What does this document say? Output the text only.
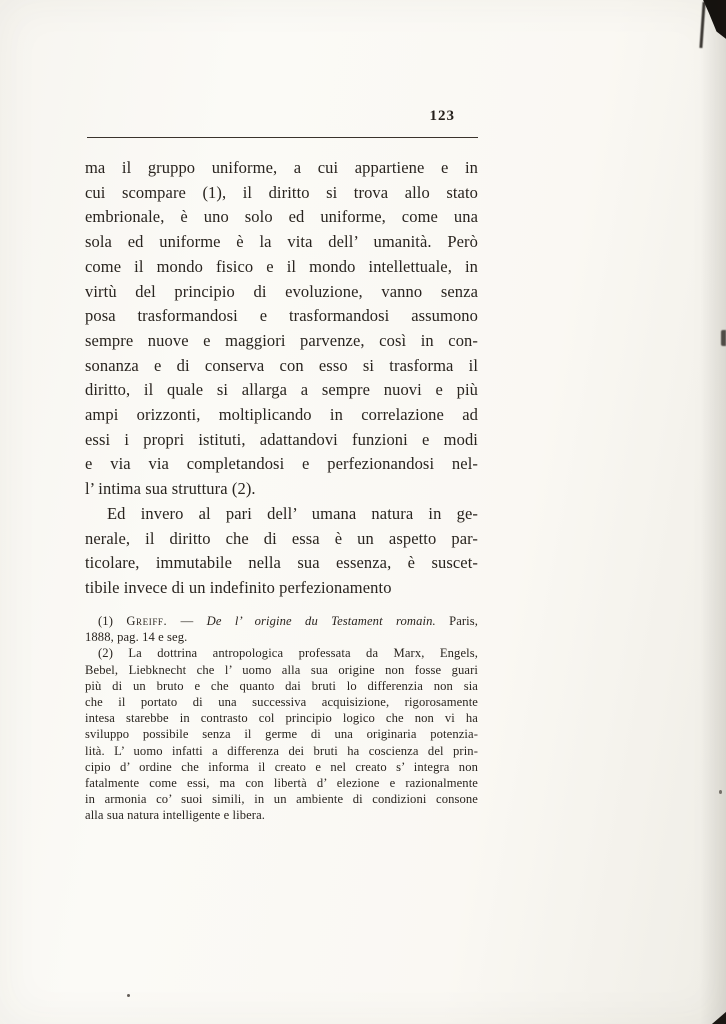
123
ma il gruppo uniforme, a cui appartiene e in
cui scompare (1), il diritto si trova allo stato
embrionale, è uno solo ed uniforme, come una
sola ed uniforme è la vita dell’ umanità. Però
come il mondo fisico e il mondo intellettuale, in
virtù del principio di evoluzione, vanno senza
posa trasformandosi e trasformandosi assumono
sempre nuove e maggiori parvenze, così in con-
sonanza e di conserva con esso si trasforma il
diritto, il quale si allarga a sempre nuovi e più
ampi orizzonti, moltiplicando in correlazione ad
essi i propri istituti, adattandovi funzioni e modi
e via via completandosi e perfezionandosi nel-
l’ intima sua struttura (2).
Ed invero al pari dell’ umana natura in ge-
nerale, il diritto che di essa è un aspetto par-
ticolare, immutabile nella sua essenza, è suscet-
tibile invece di un indefinito perfezionamento
(1) Greiff. — De l’ origine du Testament romain. Paris,
1888, pag. 14 e seg.
(2) La dottrina antropologica professata da Marx, Engels,
Bebel, Liebknecht che l’ uomo alla sua origine non fosse guari
più di un bruto e che quanto dai bruti lo differenzia non sia
che il portato di una successiva acquisizione, rigorosamente
intesa starebbe in contrasto col principio logico che non vi ha
sviluppo possibile senza il germe di una originaria potenzia-
lità. L’ uomo infatti a differenza dei bruti ha coscienza del prin-
cipio d’ ordine che informa il creato e nel creato s’ integra non
fatalmente come essi, ma con libertà d’ elezione e razionalmente
in armonia co’ suoi simili, in un ambiente di condizioni consone
alla sua natura intelligente e libera.
